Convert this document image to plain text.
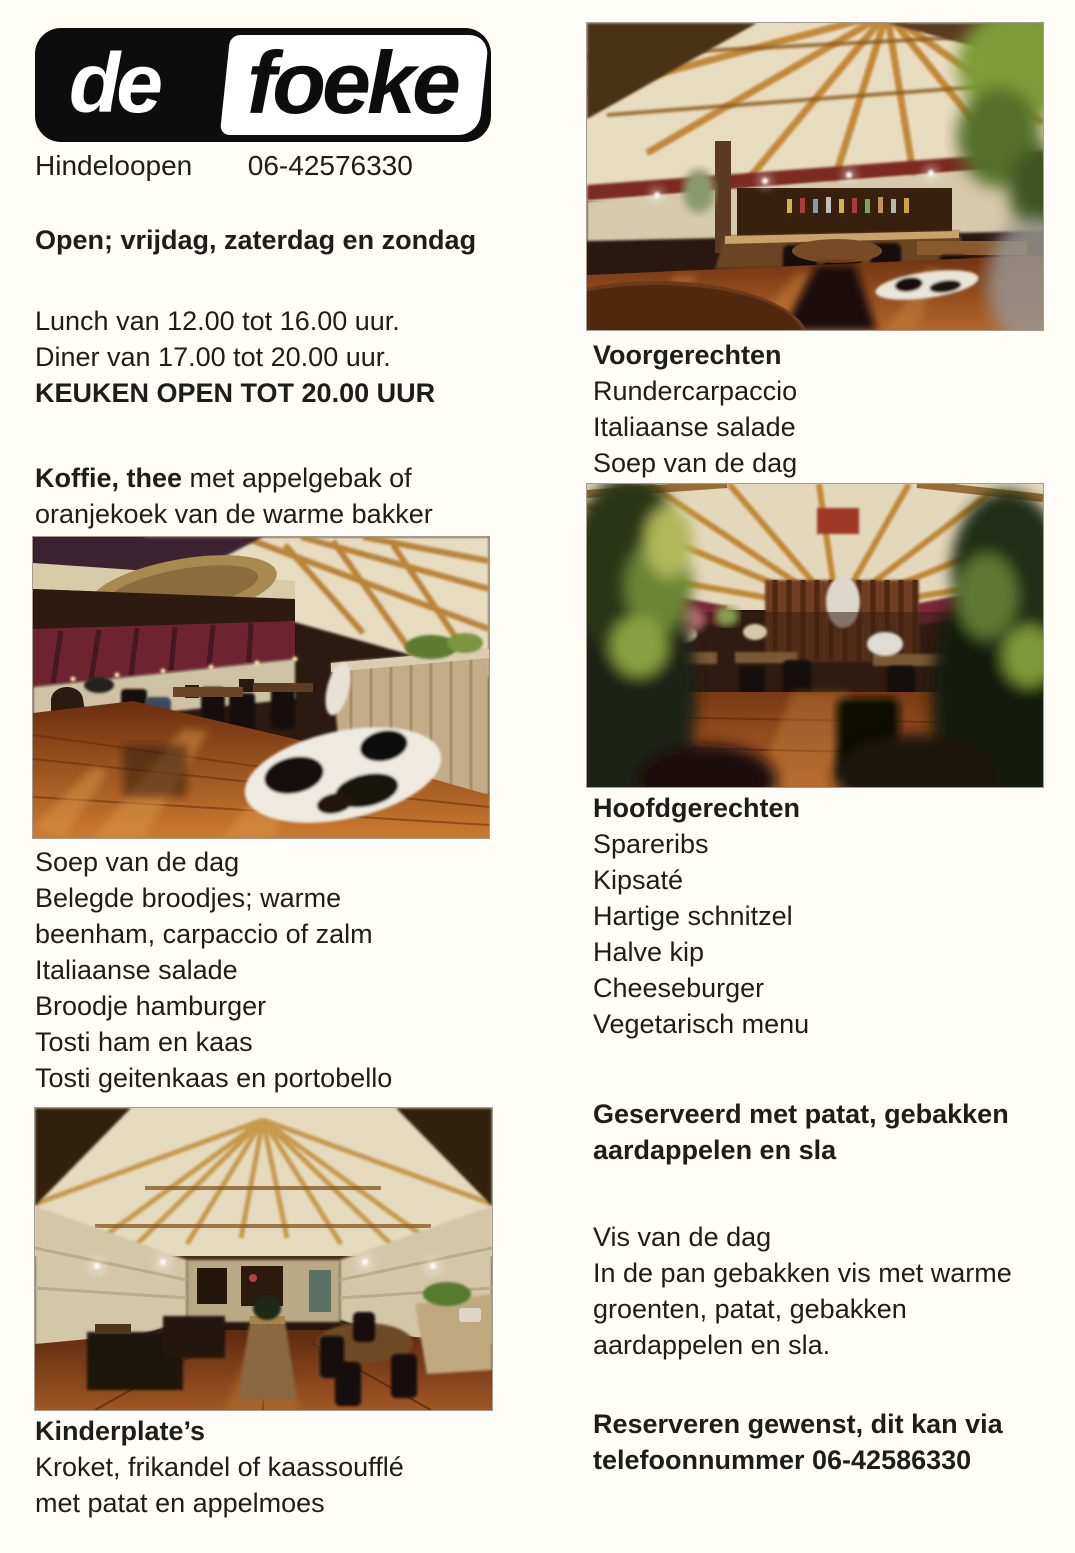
de foeke
Hindeloopen 06-42576330
Open; vrijdag, zaterdag en zondag
Lunch van 12.00 tot 16.00 uur.
Diner van 17.00 tot 20.00 uur.
KEUKEN OPEN TOT 20.00 UUR
Koffie, thee met appelgebak of
oranjekoek van de warme bakker
Soep van de dag
Belegde broodjes; warme
beenham, carpaccio of zalm
Italiaanse salade
Broodje hamburger
Tosti ham en kaas
Tosti geitenkaas en portobello
Kinderplate’s
Kroket, frikandel of kaassoufflé
met patat en appelmoes
Voorgerechten
Rundercarpaccio
Italiaanse salade
Soep van de dag
Hoofdgerechten
Spareribs
Kipsaté
Hartige schnitzel
Halve kip
Cheeseburger
Vegetarisch menu
Geserveerd met patat, gebakken
aardappelen en sla
Vis van de dag
In de pan gebakken vis met warme
groenten, patat, gebakken
aardappelen en sla.
Reserveren gewenst, dit kan via
telefoonnummer 06-42586330
